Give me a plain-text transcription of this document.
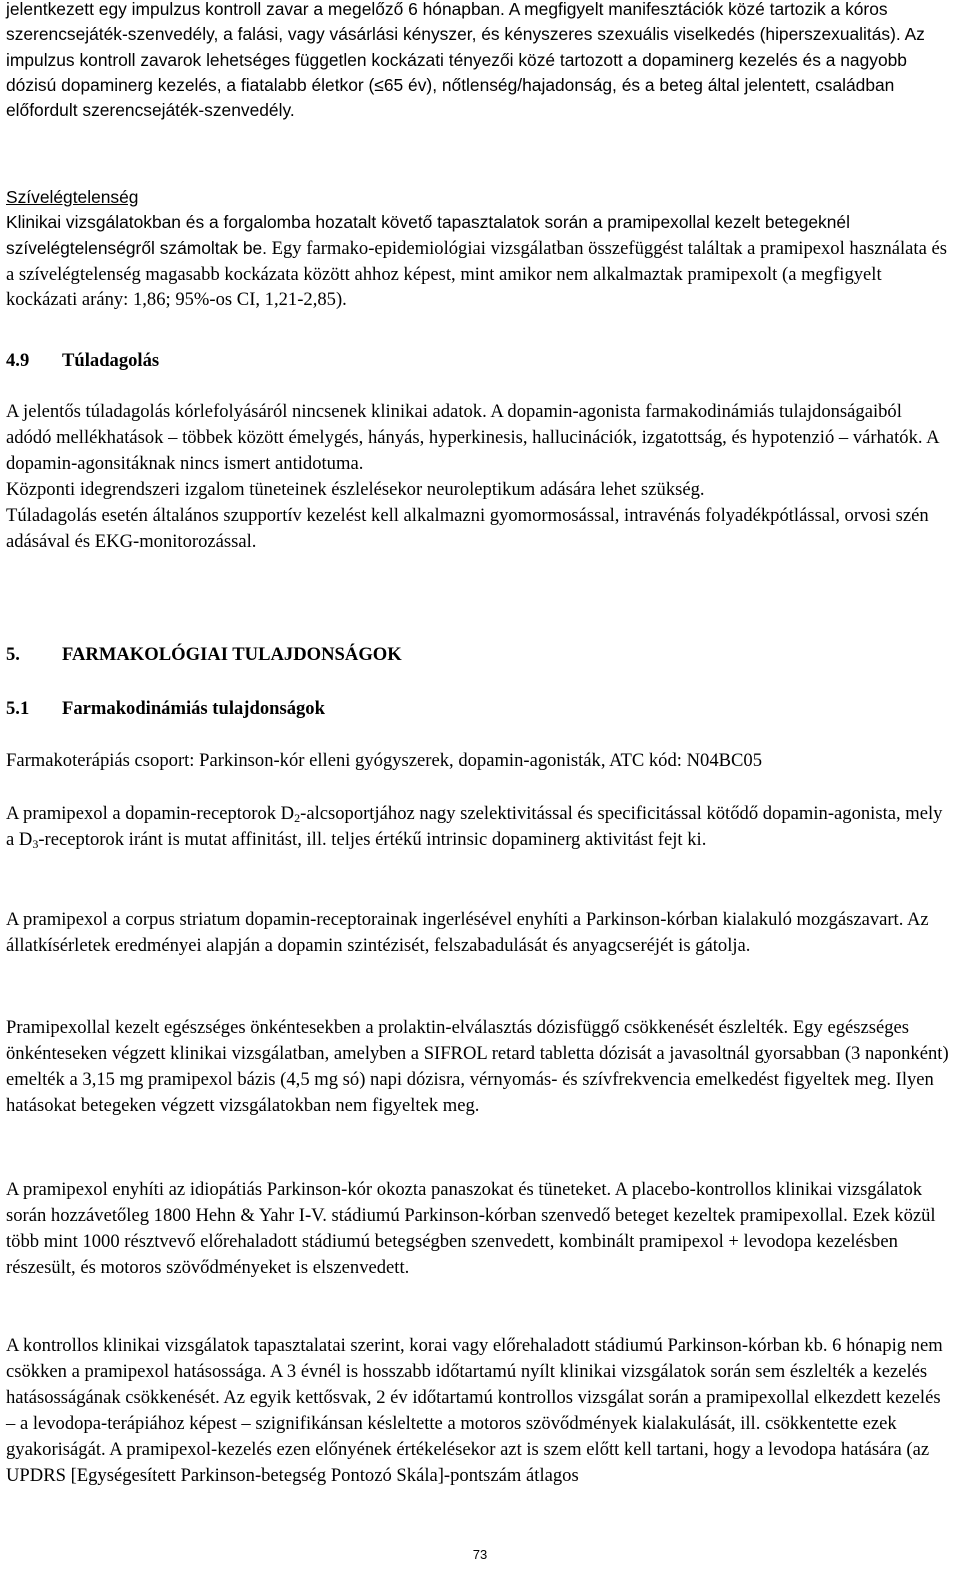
jelentkezett egy impulzus kontroll zavar a megelőző 6 hónapban. A megfigyelt manifesztációk közé tartozik a kóros szerencsejáték-szenvedély, a falási, vagy vásárlási kényszer, és kényszeres szexuális viselkedés (hiperszexualitás). Az impulzus kontroll zavarok lehetséges független kockázati tényezői közé tartozott a dopaminerg kezelés és a nagyobb dózisú dopaminerg kezelés, a fiatalabb életkor (≤65 év), nőtlenség/hajadonság, és a beteg által jelentett, családban előfordult szerencsejáték-szenvedély.

Szívelégtelenség

Klinikai vizsgálatokban és a forgalomba hozatalt követő tapasztalatok során a pramipexollal kezelt betegeknél szívelégtelenségről számoltak be. Egy farmako-epidemiológiai vizsgálatban összefüggést találtak a pramipexol használata és a szívelégtelenség magasabb kockázata között ahhoz képest, mint amikor nem alkalmaztak pramipexolt (a megfigyelt kockázati arány: 1,86; 95%-os CI, 1,21-2,85).

4.9 Túladagolás

A jelentős túladagolás kórlefolyásáról nincsenek klinikai adatok. A dopamin-agonista farmakodinámiás tulajdonságaiból adódó mellékhatások – többek között émelygés, hányás, hyperkinesis, hallucinációk, izgatottság, és hypotenzió – várhatók. A dopamin-agonsitáknak nincs ismert antidotuma.

Központi idegrendszeri izgalom tüneteinek észlelésekor neuroleptikum adására lehet szükség.

Túladagolás esetén általános szupportív kezelést kell alkalmazni gyomormosással, intravénás folyadékpótlással, orvosi szén adásával és EKG-monitorozással.

5. FARMAKOLÓGIAI TULAJDONSÁGOK
5.1 Farmakodinámiás tulajdonságok

Farmakoterápiás csoport: Parkinson-kór elleni gyógyszerek, dopamin-agonisták, ATC kód: N04BC05

A pramipexol a dopamin-receptorok $D_2$-alcsoportjához nagy szelektivitással és specificitással kötődő dopamin-agonista, mely a $D_3$-receptorok iránt is mutat affinitást, ill. teljes értékű intrinsic dopaminerg aktivitást fejt ki.

A pramipexol a corpus striatum dopamin-receptorainak ingerlésével enyhíti a Parkinson-kórban kialakuló mozgászavart. Az állatkísérletek eredményei alapján a dopamin szintézisét, felszabadulását és anyagcseréjét is gátolja.

Pramipexollal kezelt egészséges önkéntesekben a prolaktin-elválasztás dózisfüggő csökkenését észlelték. Egy egészséges önkénteseken végzett klinikai vizsgálatban, amelyben a SIFROL retard tabletta dózisát a javasoltnál gyorsabban (3 naponként) emelték a 3,15 mg pramipexol bázis (4,5 mg só) napi dózisra, vérnyomás- és szívfrekvencia emelkedést figyeltek meg. Ilyen hatásokat betegeken végzett vizsgálatokban nem figyeltek meg.

A pramipexol enyhíti az idiopátiás Parkinson-kór okozta panaszokat és tüneteket. A placebo-kontrollos klinikai vizsgálatok során hozzávetőleg 1800 Hehn & Yahr I-V. stádiumú Parkinson-kórban szenvedő beteget kezeltek pramipexollal. Ezek közül több mint 1000 résztvevő előrehaladott stádiumú betegségben szenvedett, kombinált pramipexol + levodopa kezelésben részesült, és motoros szövődményeket is elszenvedett.

A kontrollos klinikai vizsgálatok tapasztalatai szerint, korai vagy előrehaladott stádiumú Parkinson-kórban kb. 6 hónapig nem csökken a pramipexol hatásossága. A 3 évnél is hosszabb időtartamú nyílt klinikai vizsgálatok során sem észlelték a kezelés hatásosságának csökkenését. Az egyik kettősvak, 2 év időtartamú kontrollos vizsgálat során a pramipexollal elkezdett kezelés – a levodopa-terápiához képest – szignifikánsan késleltette a motoros szövődmények kialakulását, ill. csökkentette ezek gyakoriságát. A pramipexol-kezelés ezen előnyének értékelésekor azt is szem előtt kell tartani, hogy a levodopa hatására (az UPDRS [Egységesített Parkinson-betegség Pontozó Skála]-pontszám átlagos

73
